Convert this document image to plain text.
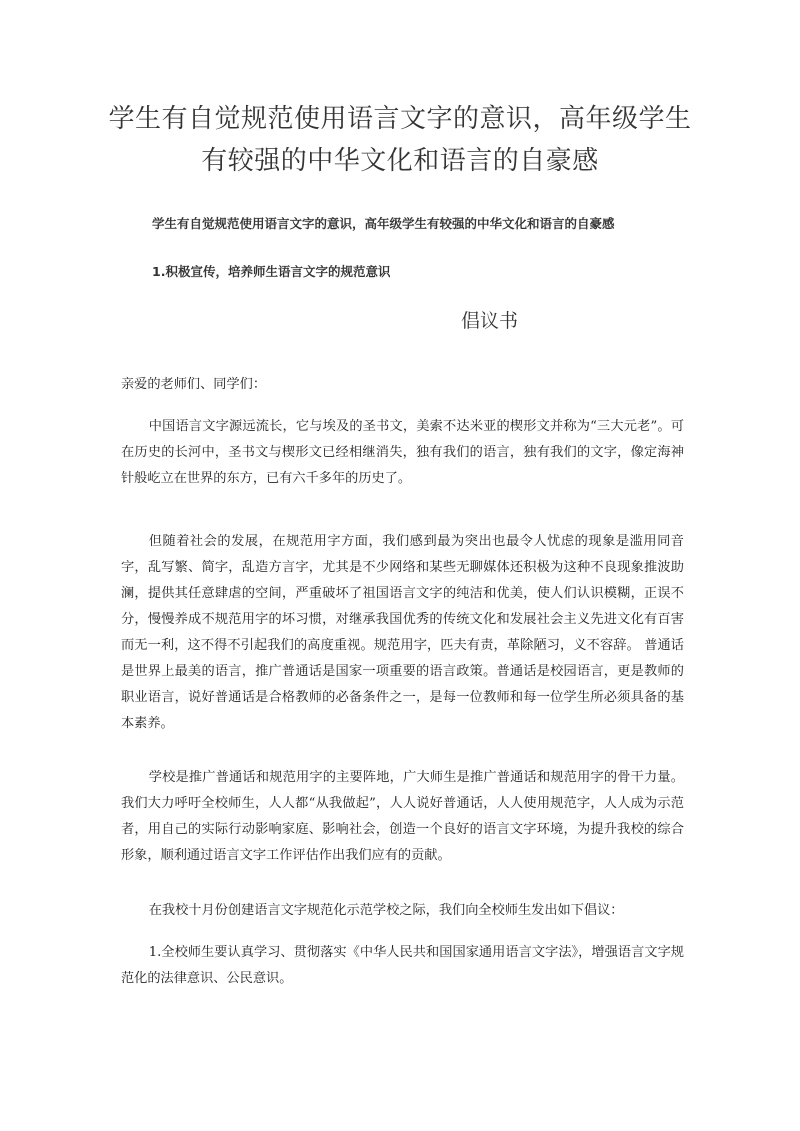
学生有自觉规范使用语言文字的意识，高年级学生有较强的中华文化和语言的自豪感

学生有自觉规范使用语言文字的意识，高年级学生有较强的中华文化和语言的自豪感

1.积极宣传，培养师生语言文字的规范意识

倡议书

亲爱的老师们、同学们：

中国语言文字源远流长，它与埃及的圣书文，美索不达米亚的楔形文并称为“三大元老”。可在历史的长河中，圣书文与楔形文已经相继消失，独有我们的语言，独有我们的文字，像定海神针般屹立在世界的东方，已有六千多年的历史了。

但随着社会的发展，在规范用字方面，我们感到最为突出也最令人忧虑的现象是滥用同音字，乱写繁、简字，乱造方言字，尤其是不少网络和某些无聊媒体还积极为这种不良现象推波助澜，提供其任意肆虐的空间，严重破坏了祖国语言文字的纯洁和优美，使人们认识模糊，正误不分，慢慢养成不规范用字的坏习惯，对继承我国优秀的传统文化和发展社会主义先进文化有百害而无一利，这不得不引起我们的高度重视。规范用字，匹夫有责，革除陋习，义不容辞。 普通话是世界上最美的语言，推广普通话是国家一项重要的语言政策。普通话是校园语言，更是教师的职业语言，说好普通话是合格教师的必备条件之一，是每一位教师和每一位学生所必须具备的基本素养。

学校是推广普通话和规范用字的主要阵地，广大师生是推广普通话和规范用字的骨干力量。我们大力呼吁全校师生，人人都“从我做起”，人人说好普通话，人人使用规范字，人人成为示范者，用自己的实际行动影响家庭、影响社会，创造一个良好的语言文字环境，为提升我校的综合形象，顺利通过语言文字工作评估作出我们应有的贡献。

在我校十月份创建语言文字规范化示范学校之际，我们向全校师生发出如下倡议：

1.全校师生要认真学习、贯彻落实《中华人民共和国国家通用语言文字法》，增强语言文字规范化的法律意识、公民意识。
